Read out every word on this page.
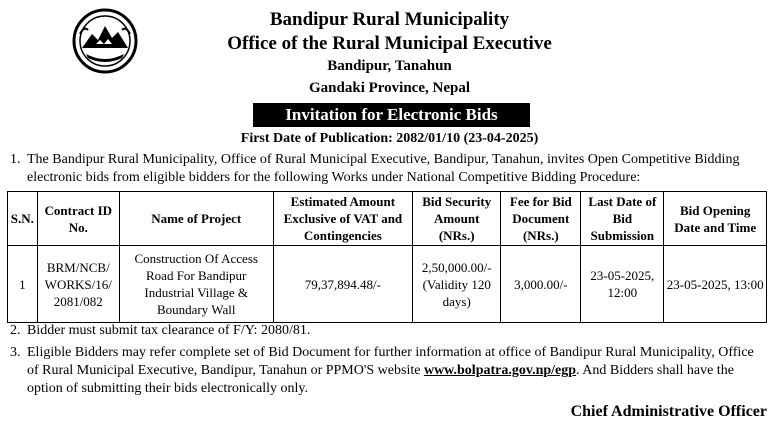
Bandipur Rural Municipality
Office of the Rural Municipal Executive
Bandipur, Tanahun
Gandaki Province, Nepal
Invitation for Electronic Bids
First Date of Publication: 2082/01/10 (23-04-2025)
1. The Bandipur Rural Municipality, Office of Rural Municipal Executive, Bandipur, Tanahun, invites Open Competitive Bidding electronic bids from eligible bidders for the following Works under National Competitive Bidding Procedure:
S.N.	Contract ID No.	Name of Project	Estimated Amount Exclusive of VAT and Contingencies	Bid Security Amount (NRs.)	Fee for Bid Document (NRs.)	Last Date of Bid Submission	Bid Opening Date and Time
1	BRM/NCB/ WORKS/16/ 2081/082	Construction Of Access Road For Bandipur Industrial Village & Boundary Wall	79,37,894.48/-	2,50,000.00/- (Validity 120 days)	3,000.00/-	23-05-2025, 12:00	23-05-2025, 13:00
2. Bidder must submit tax clearance of F/Y: 2080/81.
3. Eligible Bidders may refer complete set of Bid Document for further information at office of Bandipur Rural Municipality, Office of Rural Municipal Executive, Bandipur, Tanahun or PPMO'S website www.bolpatra.gov.np/egp. And Bidders shall have the option of submitting their bids electronically only.
Chief Administrative Officer
